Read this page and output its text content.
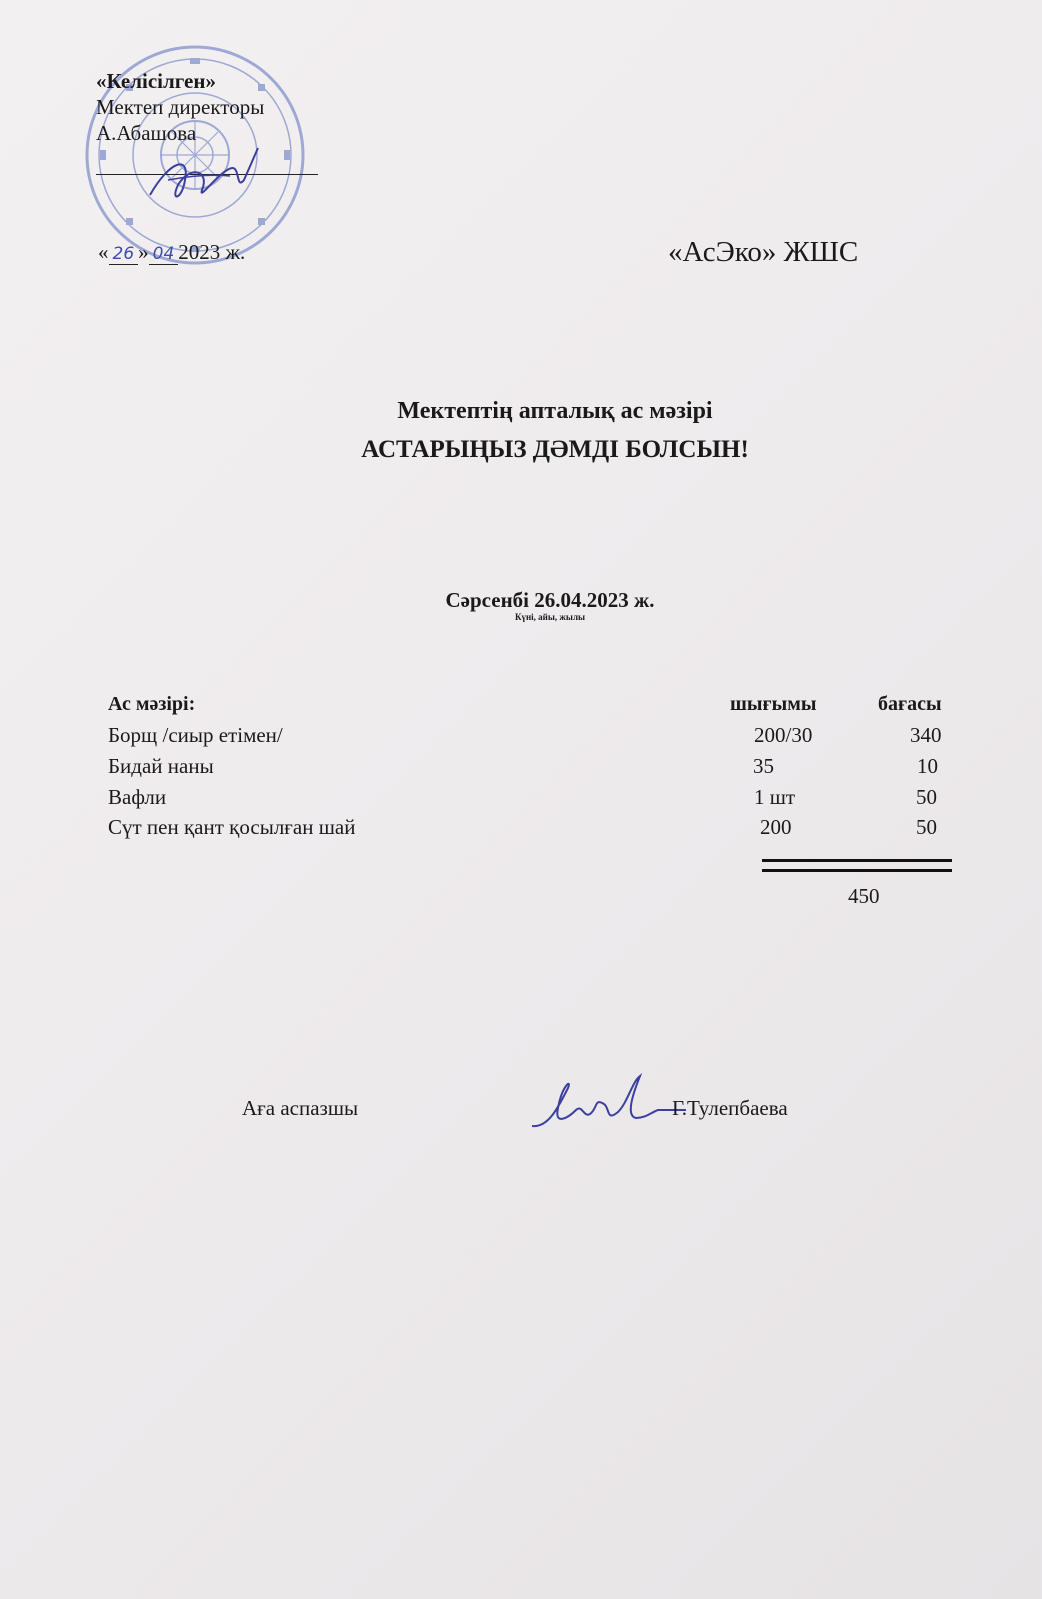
«Келісілген»
Мектеп директоры
А.Абашова
« 26 » 04 2023 ж.	«АсЭко» ЖШС
Мектептің апталық ас мәзірі
АСТАРЫҢЫЗ ДӘМДІ БОЛСЫН!
Сәрсенбі 26.04.2023 ж.
Күні, айы, жылы
Ас мәзірі:	шығымы	бағасы
Борщ /сиыр етімен/	200/30	340
Бидай наны	35	10
Вафли	1 шт	50
Сүт пен қант қосылған шай	200	50
450
Аға аспазшы	Г.Тулепбаева
